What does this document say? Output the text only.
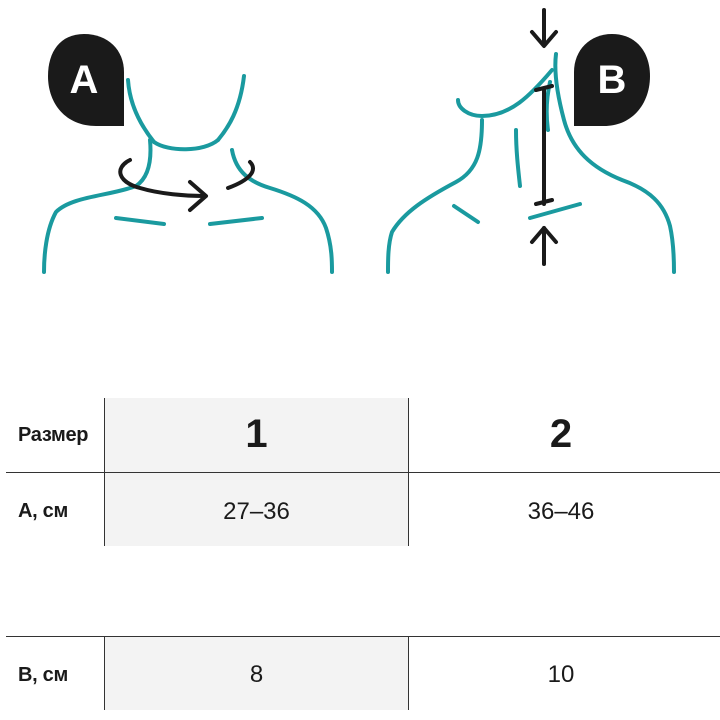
A	B
Размер	1	2
А, см	27–36	36–46
В, см	8	10
